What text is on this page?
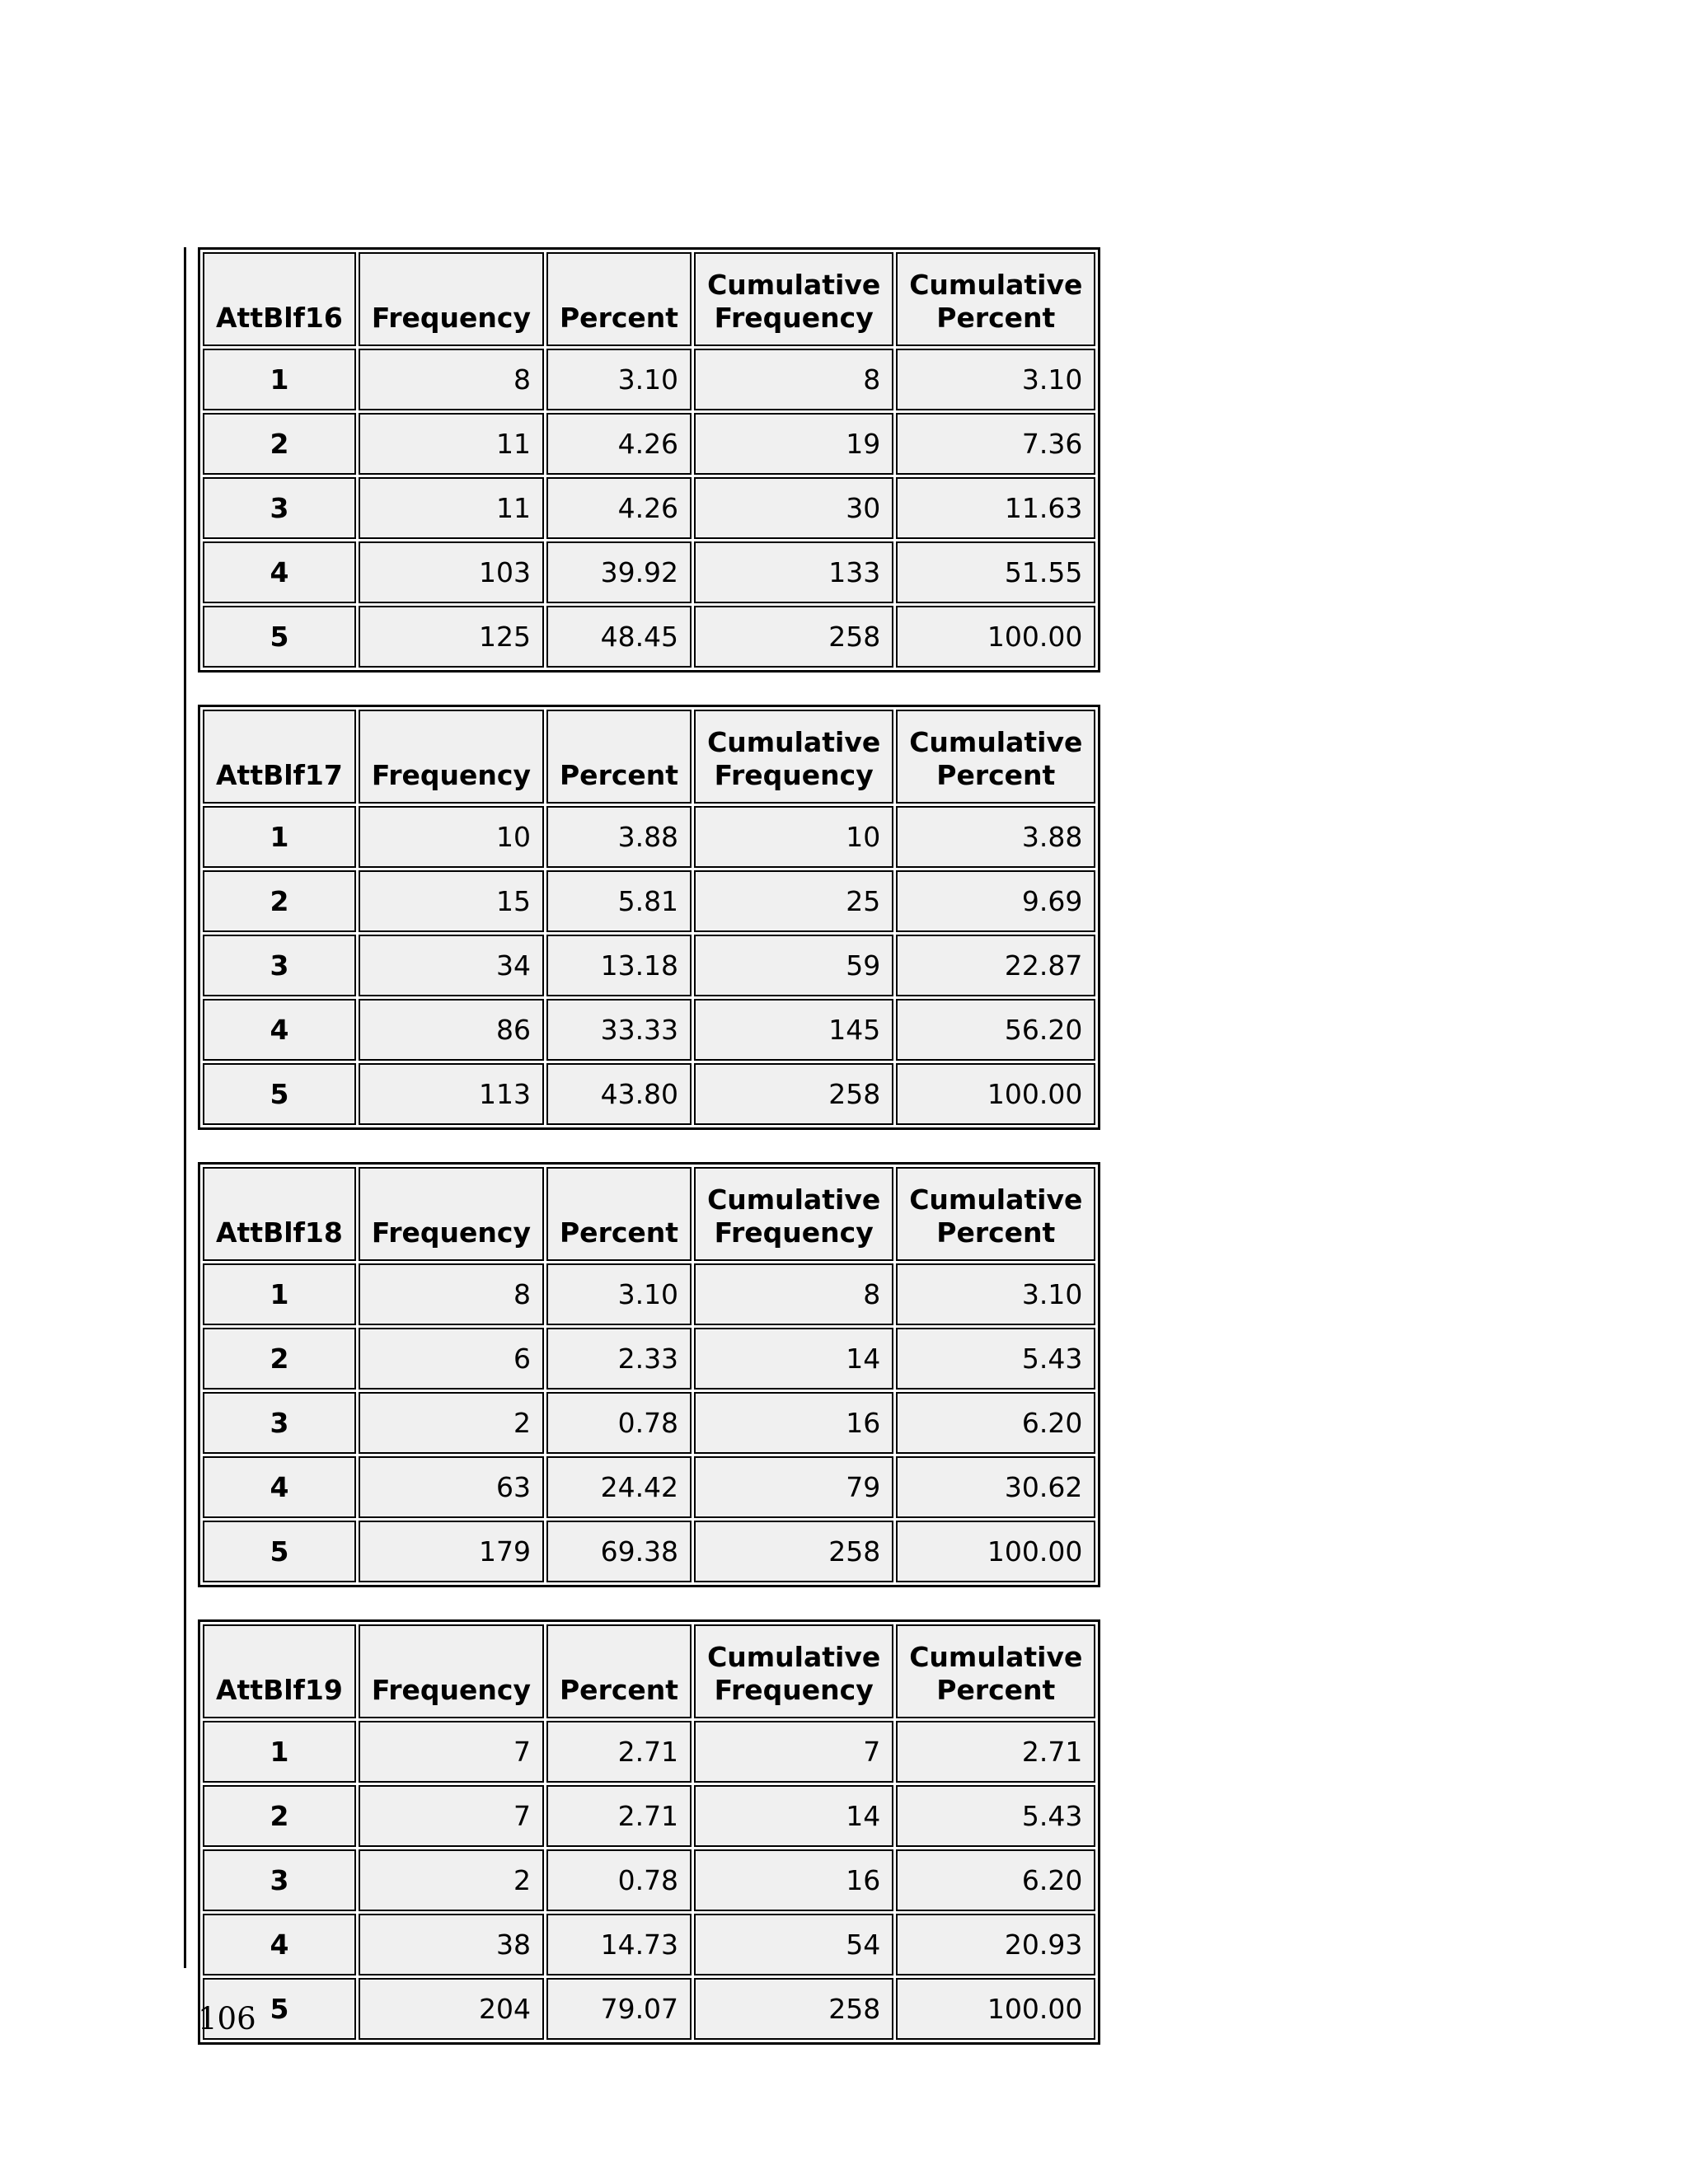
AttBlf16	Frequency	Percent	Cumulative Frequency	Cumulative Percent
1	8	3.10	8	3.10
2	11	4.26	19	7.36
3	11	4.26	30	11.63
4	103	39.92	133	51.55
5	125	48.45	258	100.00
AttBlf17	Frequency	Percent	Cumulative Frequency	Cumulative Percent
1	10	3.88	10	3.88
2	15	5.81	25	9.69
3	34	13.18	59	22.87
4	86	33.33	145	56.20
5	113	43.80	258	100.00
AttBlf18	Frequency	Percent	Cumulative Frequency	Cumulative Percent
1	8	3.10	8	3.10
2	6	2.33	14	5.43
3	2	0.78	16	6.20
4	63	24.42	79	30.62
5	179	69.38	258	100.00
AttBlf19	Frequency	Percent	Cumulative Frequency	Cumulative Percent
1	7	2.71	7	2.71
2	7	2.71	14	5.43
3	2	0.78	16	6.20
4	38	14.73	54	20.93
5	204	79.07	258	100.00
106
